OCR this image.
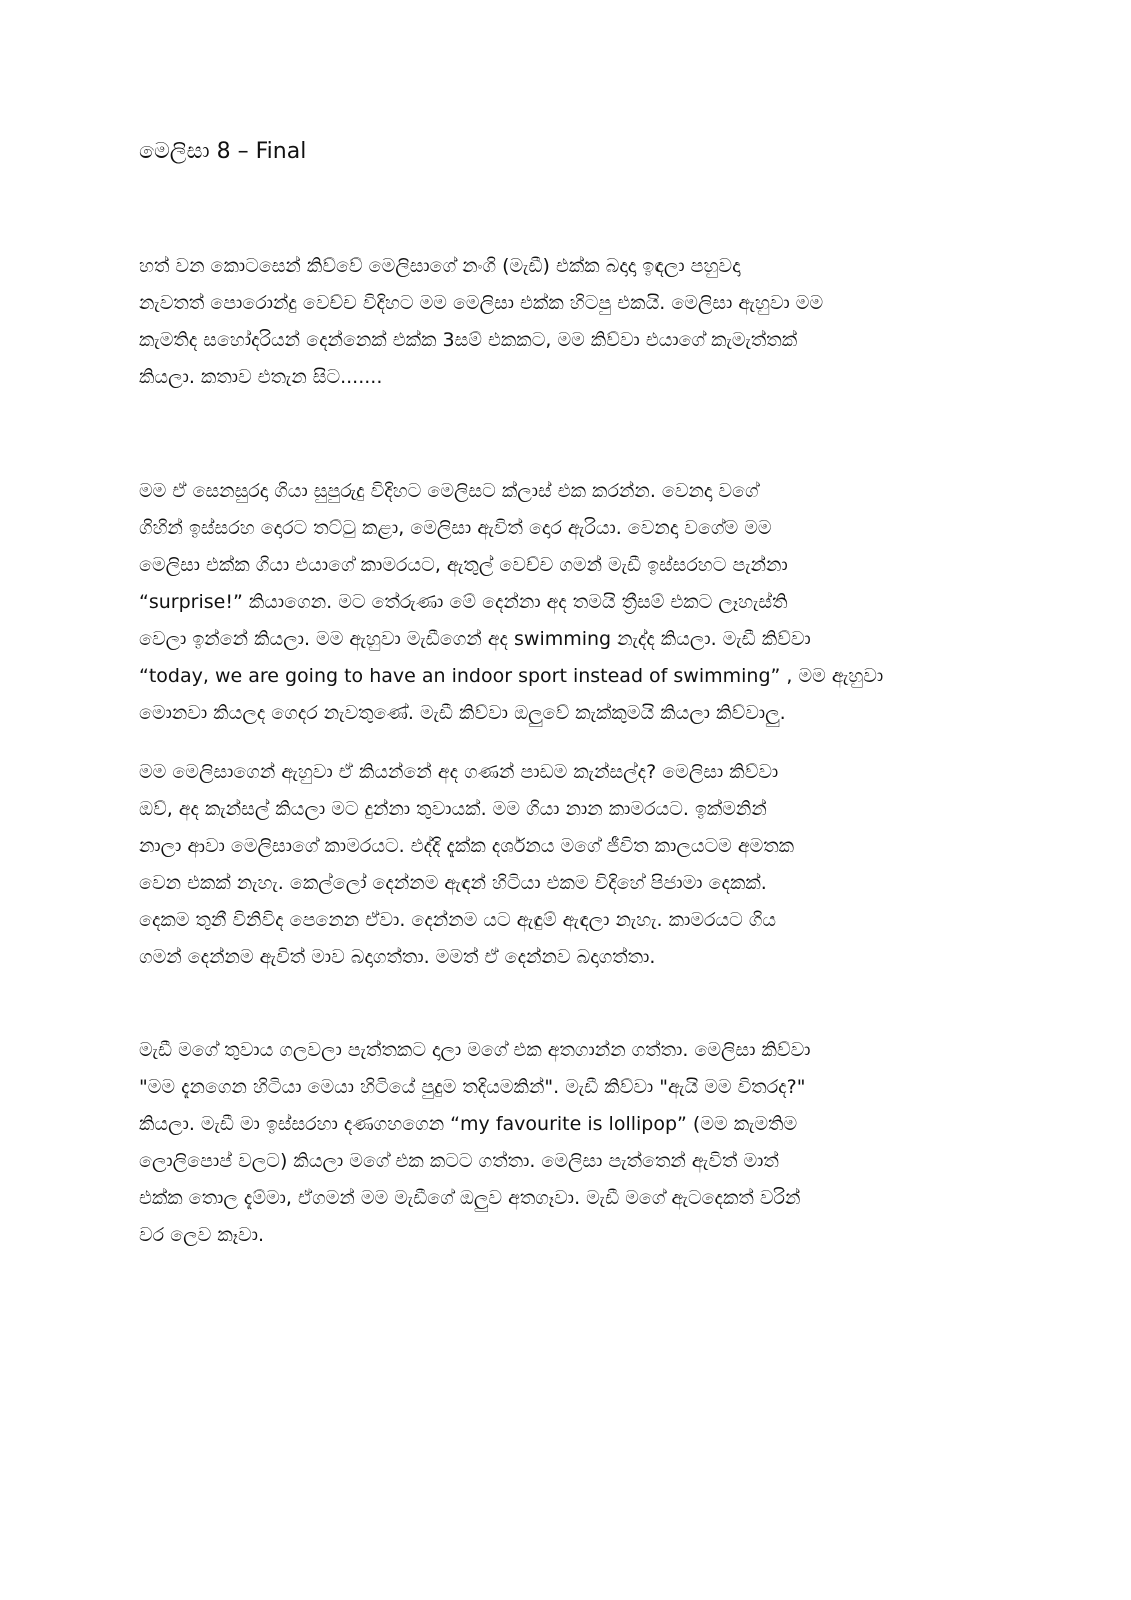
මෙලිසා 8 – Final
හත් වන කොටසෙන් කිව්වේ මෙලිසාගේ නංගි (මැඩී) එක්ක බදාදා ඉඳලා පහුවදා
නැවතත් පොරොන්දු වෙච්ච විදිහට මම මෙලිසා එක්ක හිටපු එකයි. මෙලිසා ඇහුවා මම
කැමතිද සහෝදරියන් දෙන්නෙක් එක්ක 3සම් එකකට, මම කිව්වා එයාගේ කැමැත්තක්
කියලා. කතාව එතැන සිට.......
මම ඒ සෙනසුරදා ගියා සුපුරුදු විදිහට මෙලිසට ක්ලාස් එක කරන්න. වෙනදා වගේ
ගිහින් ඉස්සරහ දොරට තට්ටු කළා, මෙලිසා ඇවිත් දොර ඇරියා. වෙනදා වගේම මම
මෙලිසා එක්ක ගියා එයාගේ කාමරයට, ඇතුල් වෙච්ච ගමන් මැඩී ඉස්සරහට පැන්නා
“surprise!” කියාගෙන. මට තේරුණා මේ දෙන්නා අද තමයි ත්‍රීසම් එකට ලෑහැස්ති
වෙලා ඉන්නේ කියලා. මම ඇහුවා මැඩීගෙන් අද swimming නැද්ද කියලා. මැඩී කිව්වා
“today, we are going to have an indoor sport instead of swimming” , මම ඇහුවා
මොනවා කියලද ගෙදර නැවතුණේ. මැඩී කිව්වා ඔලුවේ කැක්කුමයි කියලා කිව්වාලු.
මම මෙලිසාගෙන් ඇහුවා ඒ කියන්නේ අද ගණන් පාඩම කැන්සල්ද? මෙලිසා කිව්වා
ඔව්, අද කැන්සල් කියලා මට දුන්නා තුවායක්. මම ගියා නාන කාමරයට. ඉක්මනින්
නාලා ආවා මෙලිසාගේ කාමරයට. එද්දි දැක්ක දර්ශනය මගේ ජීවිත කාලයටම අමතක
වෙන එකක් නැහැ. කෙල්ලෝ දෙන්නම ඇඳන් හිටියා එකම විදිහේ පිජාමා දෙකක්.
දෙකම තුනී විනිවිද පෙනෙන ඒවා. දෙන්නම යට ඇඳුම් ඇඳලා නැහැ. කාමරයට ගිය
ගමන් දෙන්නම ඇවිත් මාව බදාගත්තා. මමත් ඒ දෙන්නව බදාගත්තා.
මැඩී මගේ තුවාය ගලවලා පැත්තකට දාලා මගේ එක අතගාන්න ගත්තා. මෙලිසා කිව්වා
"මම දැනගෙන හිටියා මෙයා හිටියේ පුදුම තදියමකින්". මැඩී කිව්වා "ඇයි මම විතරද?"
කියලා. මැඩී මා ඉස්සරහා දණගහගෙන “my favourite is lollipop” (මම කැමතිම
ලොලිපොප් වලට) කියලා මගේ එක කටට ගත්තා. මෙලිසා පැත්තෙන් ඇවිත් මාත්
එක්ක තොල දැම්මා, ඒගමන් මම මැඩීගේ ඔලුව අතගෑවා. මැඩී මගේ ඇටදෙකත් වරින්
වර ලෙව කෑවා.
